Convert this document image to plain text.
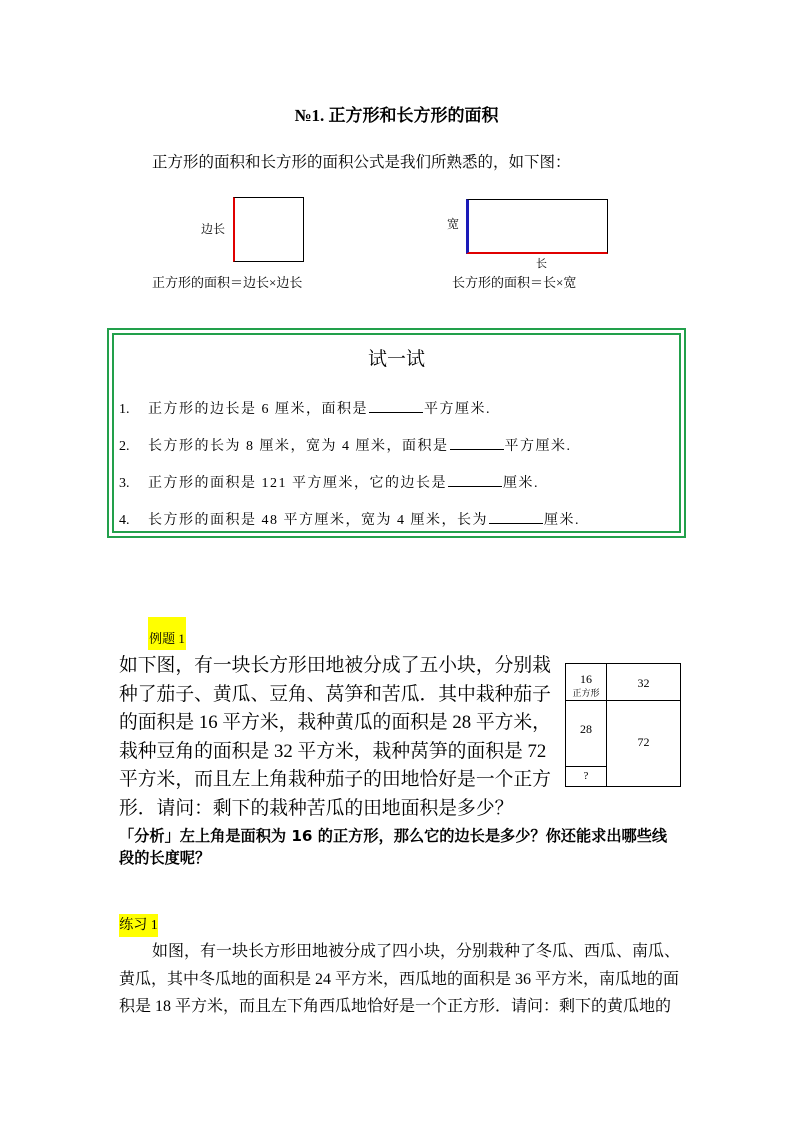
№1. 正方形和长方形的面积
正方形的面积和长方形的面积公式是我们所熟悉的，如下图：
边长
正方形的面积＝边长×边长
宽
长
长方形的面积＝长×宽
试一试
1. 正方形的边长是 6 厘米，面积是	平方厘米.
2. 长方形的长为 8 厘米，宽为 4 厘米，面积是	平方厘米.
3. 正方形的面积是 121 平方厘米，它的边长是	厘米.
4. 长方形的面积是 48 平方厘米，宽为 4 厘米，长为	厘米.
例题 1
如下图，有一块长方形田地被分成了五小块，分别栽
种了茄子、黄瓜、豆角、莴笋和苦瓜．其中栽种茄子
的面积是 16 平方米，栽种黄瓜的面积是 28 平方米，
栽种豆角的面积是 32 平方米，栽种莴笋的面积是 72
平方米，而且左上角栽种茄子的田地恰好是一个正方
形．请问：剩下的栽种苦瓜的田地面积是多少？
16
正方形
32
28
72
?
「分析」左上角是面积为 16 的正方形，那么它的边长是多少？你还能求出哪些线
段的长度呢？
练习 1
如图，有一块长方形田地被分成了四小块，分别栽种了冬瓜、西瓜、南瓜、
黄瓜，其中冬瓜地的面积是 24 平方米，西瓜地的面积是 36 平方米，南瓜地的面
积是 18 平方米，而且左下角西瓜地恰好是一个正方形．请问：剩下的黄瓜地的
